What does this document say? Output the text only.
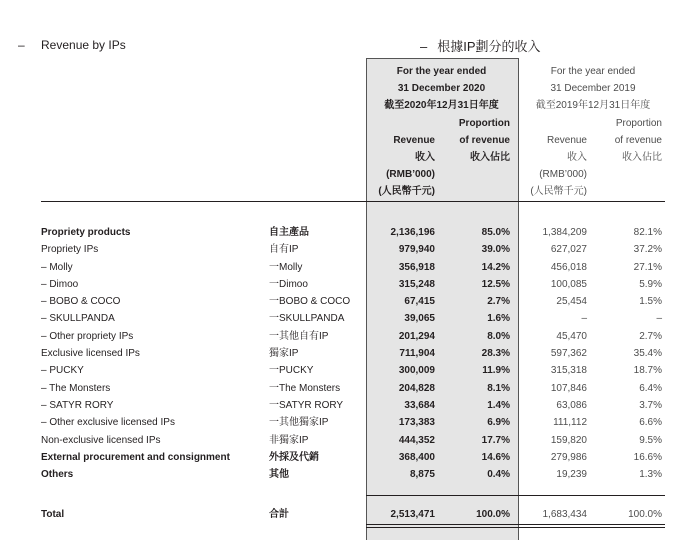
– Revenue by IPs	– 根據IP劃分的收入
For the year ended
31 December 2020
截至2020年12月31日年度
Proportion
Revenue	of revenue
收入	收入佔比
(RMB’000)
(人民幣千元)
For the year ended
31 December 2019
截至2019年12月31日年度
Proportion
Revenue	of revenue
收入	收入佔比
(RMB’000)
(人民幣千元)
Propriety products	自主產品	2,136,196	85.0%	1,384,209	82.1%
Propriety IPs	自有IP	979,940	39.0%	627,027	37.2%
– Molly	一Molly	356,918	14.2%	456,018	27.1%
– Dimoo	一Dimoo	315,248	12.5%	100,085	5.9%
– BOBO & COCO	一BOBO & COCO	67,415	2.7%	25,454	1.5%
– SKULLPANDA	一SKULLPANDA	39,065	1.6%	–	–
– Other propriety IPs	一其他自有IP	201,294	8.0%	45,470	2.7%
Exclusive licensed IPs	獨家IP	711,904	28.3%	597,362	35.4%
– PUCKY	一PUCKY	300,009	11.9%	315,318	18.7%
– The Monsters	一The Monsters	204,828	8.1%	107,846	6.4%
– SATYR RORY	一SATYR RORY	33,684	1.4%	63,086	3.7%
– Other exclusive licensed IPs	一其他獨家IP	173,383	6.9%	111,112	6.6%
Non-exclusive licensed IPs	非獨家IP	444,352	17.7%	159,820	9.5%
External procurement and consignment	外採及代銷	368,400	14.6%	279,986	16.6%
Others	其他	8,875	0.4%	19,239	1.3%
Total	合計	2,513,471	100.0%	1,683,434	100.0%
